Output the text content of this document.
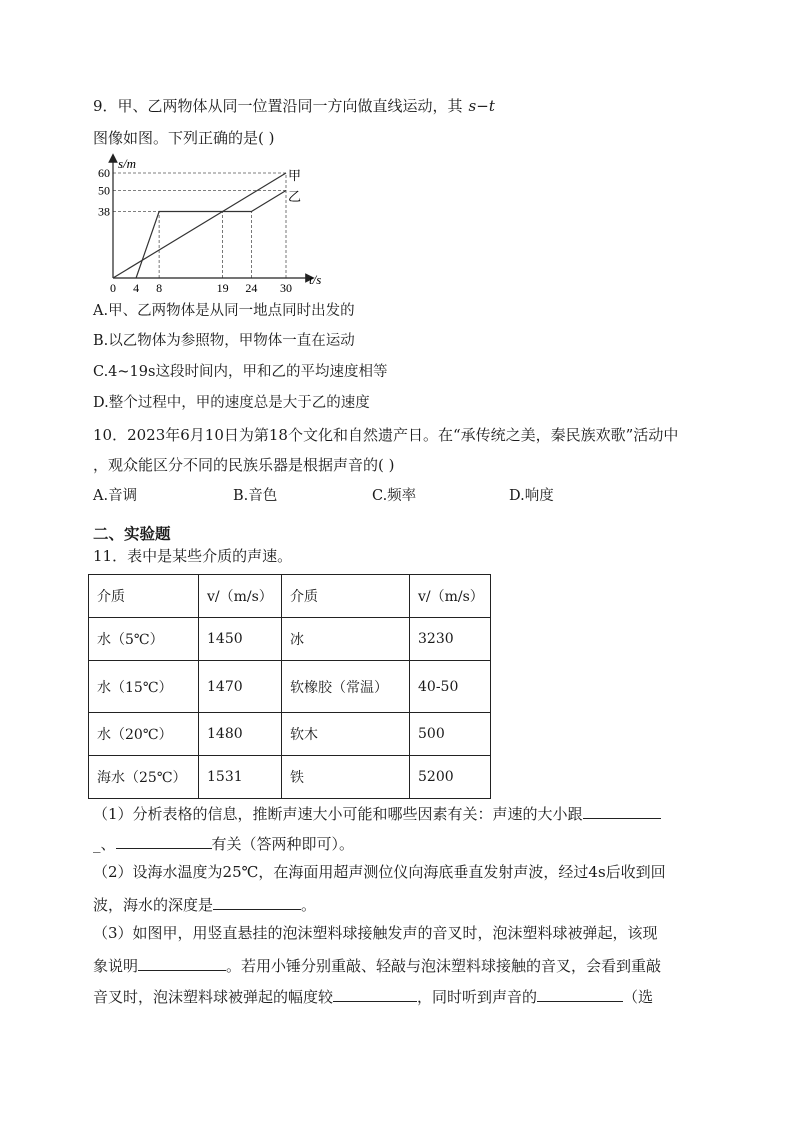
9．甲、乙两物体从同一位置沿同一方向做直线运动，其 s−t
图像如图。下列正确的是( )
38
50
60
0 4 8	19 24 30
s/m
t/s
甲
乙
A.甲、乙两物体是从同一地点同时出发的
B.以乙物体为参照物，甲物体一直在运动
C.4~19s这段时间内，甲和乙的平均速度相等
D.整个过程中，甲的速度总是大于乙的速度
10．2023年6月10日为第18个文化和自然遗产日。在“承传统之美，秦民族欢歌”活动中
，观众能区分不同的民族乐器是根据声音的( )
A.音调	B.音色	C.频率	D.响度
二、实验题
11．表中是某些介质的声速。
介质	v/（m/s）	介质	v/（m/s）
水（5℃）	1450	冰	3230
水（15℃）	1470	软橡胶（常温）	40-50
水（20℃）	1480	软木	500
海水（25℃）	1531	铁	5200
（1）分析表格的信息，推断声速大小可能和哪些因素有关：声速的大小跟
_、	有关（答两种即可）。
（2）设海水温度为25℃，在海面用超声测位仪向海底垂直发射声波，经过4s后收到回
波，海水的深度是	。
（3）如图甲，用竖直悬挂的泡沫塑料球接触发声的音叉时，泡沫塑料球被弹起，该现
象说明	。若用小锤分别重敲、轻敲与泡沫塑料球接触的音叉，会看到重敲
音叉时，泡沫塑料球被弹起的幅度较	，同时听到声音的	（选
